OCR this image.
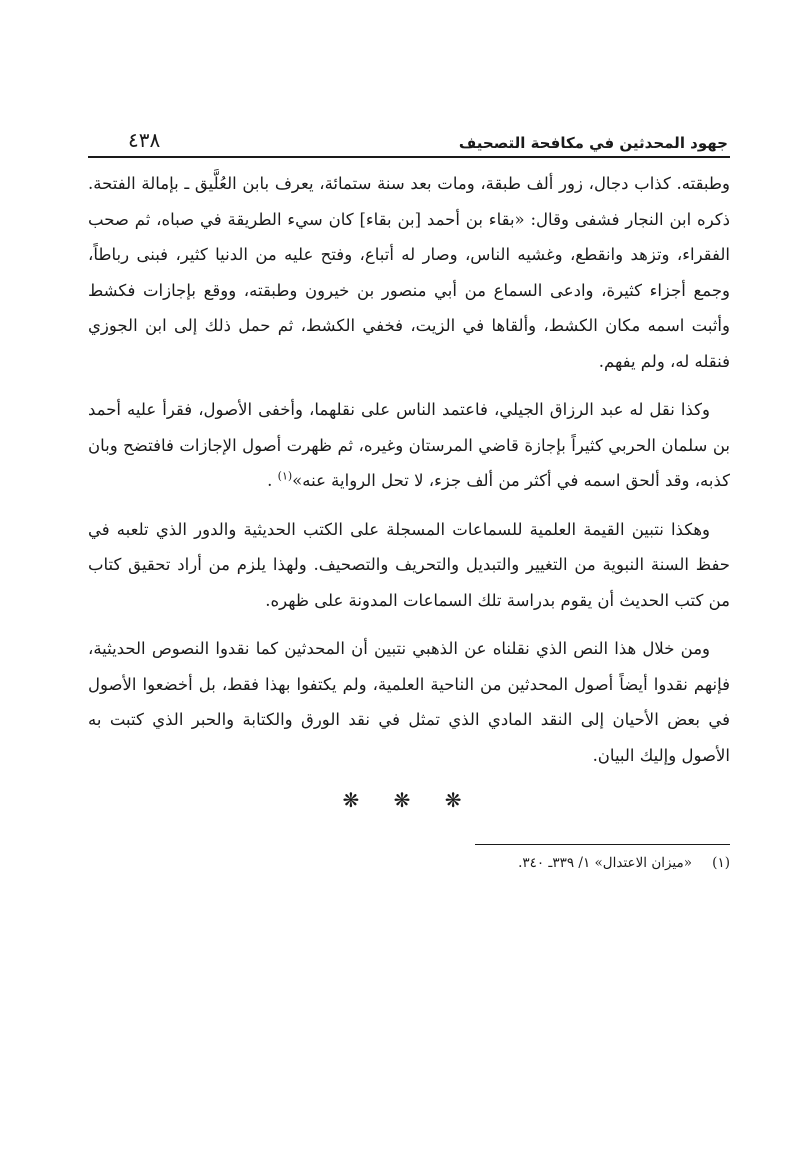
جهود المحدثين في مكافحة التصحيف
٤٣٨

وطبقته. كذاب دجال، زور ألف طبقة، ومات بعد سنة ستمائة، يعرف بابن العُلَّيق ـ بإمالة الفتحة. ذكره ابن النجار فشفى وقال: «بقاء بن أحمد [بن بقاء] كان سيء الطريقة في صباه، ثم صحب الفقراء، وتزهد وانقطع، وغشيه الناس، وصار له أتباع، وفتح عليه من الدنيا كثير، فبنى رباطاً، وجمع أجزاء كثيرة، وادعى السماع من أبي منصور بن خيرون وطبقته، ووقع بإجازات فكشط وأثبت اسمه مكان الكشط، وألقاها في الزيت، فخفي الكشط، ثم حمل ذلك إلى ابن الجوزي فنقله له، ولم يفهم.

وكذا نقل له عبد الرزاق الجيلي، فاعتمد الناس على نقلهما، وأخفى الأصول، فقرأ عليه أحمد بن سلمان الحربي كثيراً بإجازة قاضي المرستان وغيره، ثم ظهرت أصول الإجازات فافتضح وبان كذبه، وقد ألحق اسمه في أكثر من ألف جزء، لا تحل الرواية عنه»$^{(١)}$ .

وهكذا نتبين القيمة العلمية للسماعات المسجلة على الكتب الحديثية والدور الذي تلعبه في حفظ السنة النبوية من التغيير والتبديل والتحريف والتصحيف. ولهذا يلزم من أراد تحقيق كتاب من كتب الحديث أن يقوم بدراسة تلك السماعات المدونة على ظهره.

ومن خلال هذا النص الذي نقلناه عن الذهبي نتبين أن المحدثين كما نقدوا النصوص الحديثية، فإنهم نقدوا أيضاً أصول المحدثين من الناحية العلمية، ولم يكتفوا بهذا فقط، بل أخضعوا الأصول في بعض الأحيان إلى النقد المادي الذي تمثل في نقد الورق والكتابة والحبر الذي كتبت به الأصول وإليك البيان.

❋ ❋ ❋
(١)
«ميزان الاعتدال» ١/ ٣٣٩ـ ٣٤٠.
